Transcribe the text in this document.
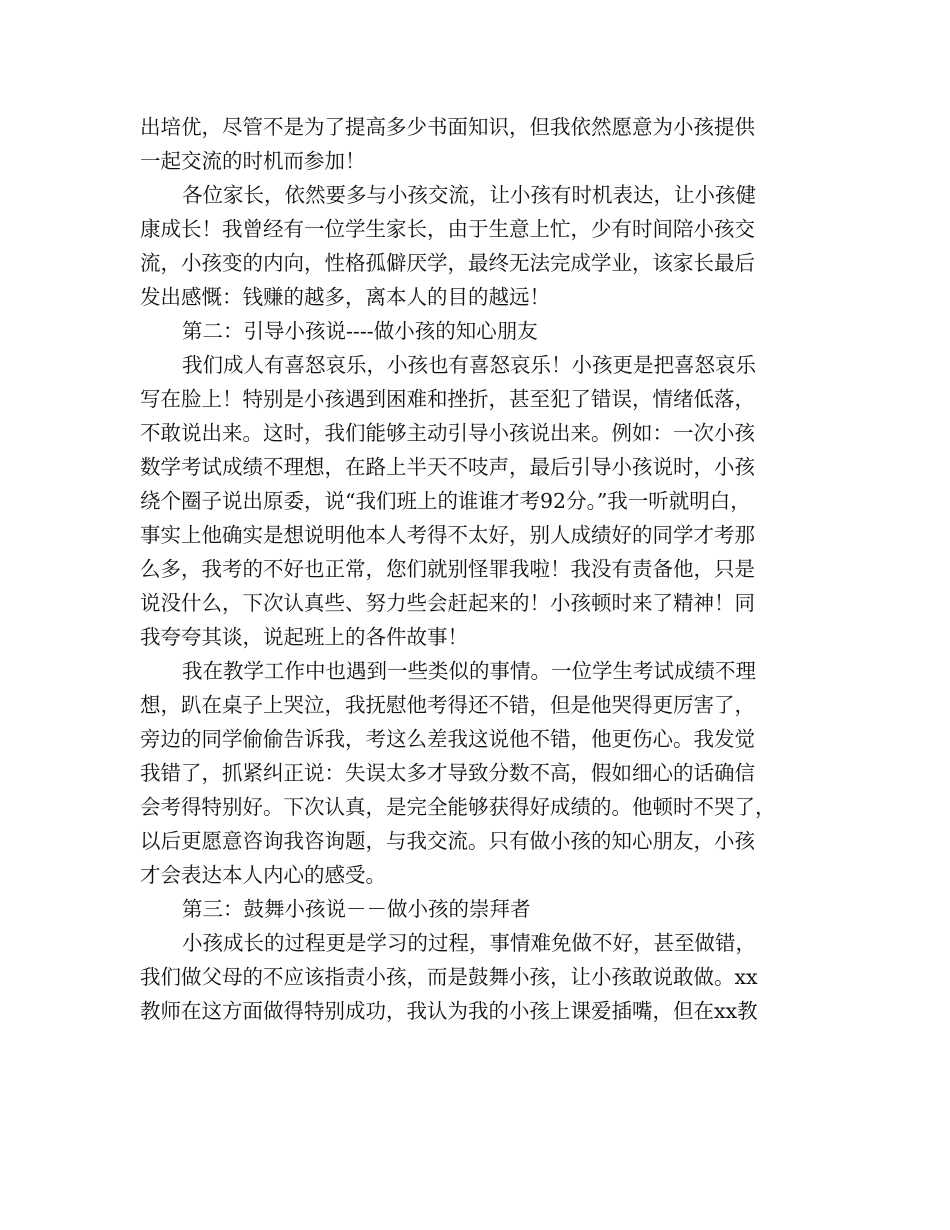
出培优，尽管不是为了提高多少书面知识，但我依然愿意为小孩提供
一起交流的时机而参加！
各位家长，依然要多与小孩交流，让小孩有时机表达，让小孩健
康成长！我曾经有一位学生家长，由于生意上忙，少有时间陪小孩交
流，小孩变的内向，性格孤僻厌学，最终无法完成学业，该家长最后
发出感慨：钱赚的越多，离本人的目的越远！
第二：引导小孩说----做小孩的知心朋友
我们成人有喜怒哀乐，小孩也有喜怒哀乐！小孩更是把喜怒哀乐
写在脸上！特别是小孩遇到困难和挫折，甚至犯了错误，情绪低落，
不敢说出来。这时，我们能够主动引导小孩说出来。例如：一次小孩
数学考试成绩不理想，在路上半天不吱声，最后引导小孩说时，小孩
绕个圈子说出原委，说“我们班上的谁谁才考92分。”我一听就明白，
事实上他确实是想说明他本人考得不太好，别人成绩好的同学才考那
么多，我考的不好也正常，您们就别怪罪我啦！我没有责备他，只是
说没什么，下次认真些、努力些会赶起来的！小孩顿时来了精神！同
我夸夸其谈，说起班上的各件故事！
我在教学工作中也遇到一些类似的事情。一位学生考试成绩不理
想，趴在桌子上哭泣，我抚慰他考得还不错，但是他哭得更厉害了，
旁边的同学偷偷告诉我，考这么差我这说他不错，他更伤心。我发觉
我错了，抓紧纠正说：失误太多才导致分数不高，假如细心的话确信
会考得特别好。下次认真，是完全能够获得好成绩的。他顿时不哭了，
以后更愿意咨询我咨询题，与我交流。只有做小孩的知心朋友，小孩
才会表达本人内心的感受。
第三：鼓舞小孩说－－做小孩的崇拜者
小孩成长的过程更是学习的过程，事情难免做不好，甚至做错，
我们做父母的不应该指责小孩，而是鼓舞小孩，让小孩敢说敢做。xx
教师在这方面做得特别成功，我认为我的小孩上课爱插嘴，但在xx教
